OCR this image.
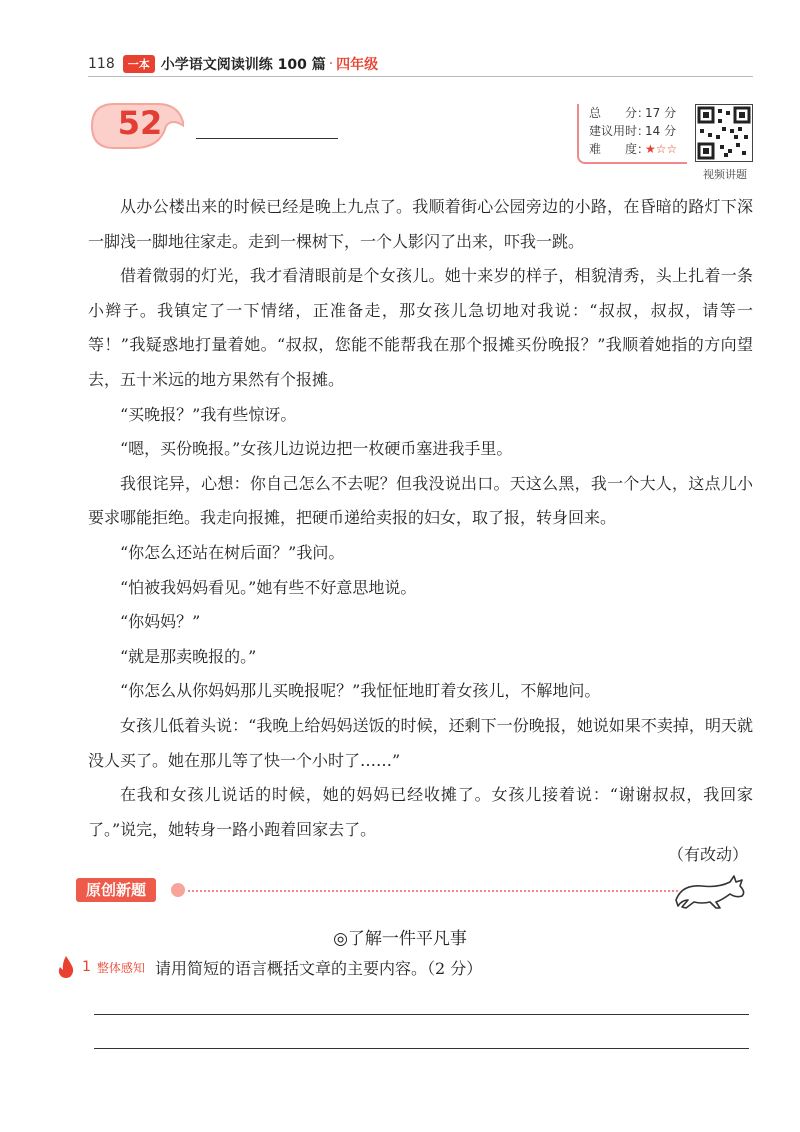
118	一本 小学语文阅读训练 100 篇 · 四年级
52	总　　分：17 分
建议用时：14 分
难　　度：★☆☆
视频讲题

从办公楼出来的时候已经是晚上九点了。我顺着街心公园旁边的小路，在昏暗的路灯下深一脚浅一脚地往家走。走到一棵树下，一个人影闪了出来，吓我一跳。

借着微弱的灯光，我才看清眼前是个女孩儿。她十来岁的样子，相貌清秀，头上扎着一条小辫子。我镇定了一下情绪，正准备走，那女孩儿急切地对我说：“叔叔，叔叔，请等一等！”我疑惑地打量着她。“叔叔，您能不能帮我在那个报摊买份晚报？”我顺着她指的方向望去，五十米远的地方果然有个报摊。

“买晚报？”我有些惊讶。

“嗯，买份晚报。”女孩儿边说边把一枚硬币塞进我手里。

我很诧异，心想：你自己怎么不去呢？但我没说出口。天这么黑，我一个大人，这点儿小要求哪能拒绝。我走向报摊，把硬币递给卖报的妇女，取了报，转身回来。

“你怎么还站在树后面？”我问。

“怕被我妈妈看见。”她有些不好意思地说。

“你妈妈？”

“就是那卖晚报的。”

“你怎么从你妈妈那儿买晚报呢？”我怔怔地盯着女孩儿，不解地问。

女孩儿低着头说：“我晚上给妈妈送饭的时候，还剩下一份晚报，她说如果不卖掉，明天就没人买了。她在那儿等了快一个小时了……”

在我和女孩儿说话的时候，她的妈妈已经收摊了。女孩儿接着说：“谢谢叔叔，我回家了。”说完，她转身一路小跑着回家去了。

（有改动）
原创新题
◎了解一件平凡事
1 整体感知 请用简短的语言概括文章的主要内容。（2 分）
